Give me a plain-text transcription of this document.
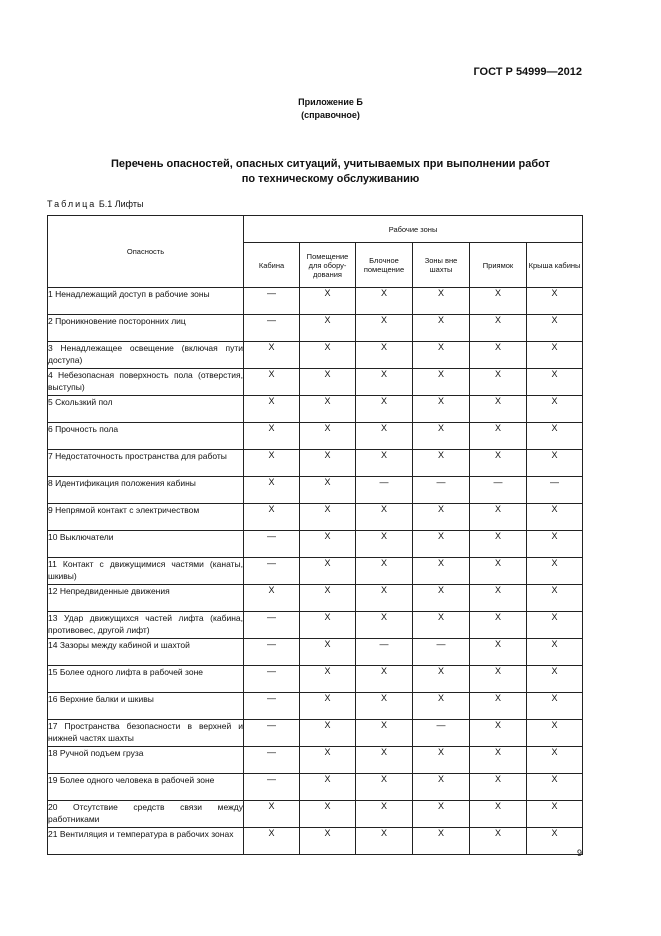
ГОСТ Р 54999—2012
Приложение Б
(справочное)
Перечень опасностей, опасных ситуаций, учитываемых при выполнении работ
по техническому обслуживанию
Таблица Б.1 Лифты
Опасность	Рабочие зоны					
	Кабина	Помещение для обору-дования	Блочное помещение	Зоны вне шахты	Приямок	Крыша кабины
1 Ненадлежащий доступ в рабочие зоны	—	X	X	X	X	X
2 Проникновение посторонних лиц	—	X	X	X	X	X
3 Ненадлежащее освещение (включая пути доступа)	X	X	X	X	X	X
4 Небезопасная поверхность пола (отверстия, выступы)	X	X	X	X	X	X
5 Скользкий пол	X	X	X	X	X	X
6 Прочность пола	X	X	X	X	X	X
7 Недостаточность пространства для работы	X	X	X	X	X	X
8 Идентификация положения кабины	X	X	—	—	—	—
9 Непрямой контакт с электричеством	X	X	X	X	X	X
10 Выключатели	—	X	X	X	X	X
11 Контакт с движущимися частями (канаты, шкивы)	—	X	X	X	X	X
12 Непредвиденные движения	X	X	X	X	X	X
13 Удар движущихся частей лифта (кабина, противовес, другой лифт)	—	X	X	X	X	X
14 Зазоры между кабиной и шахтой	—	X	—	—	X	X
15 Более одного лифта в рабочей зоне	—	X	X	X	X	X
16 Верхние балки и шкивы	—	X	X	X	X	X
17 Пространства безопасности в верхней и нижней частях шахты	—	X	X	—	X	X
18 Ручной подъем груза	—	X	X	X	X	X
19 Более одного человека в рабочей зоне	—	X	X	X	X	X
20 Отсутствие средств связи между работниками	X	X	X	X	X	X
21 Вентиляция и температура в рабочих зонах	X	X	X	X	X	X
9
